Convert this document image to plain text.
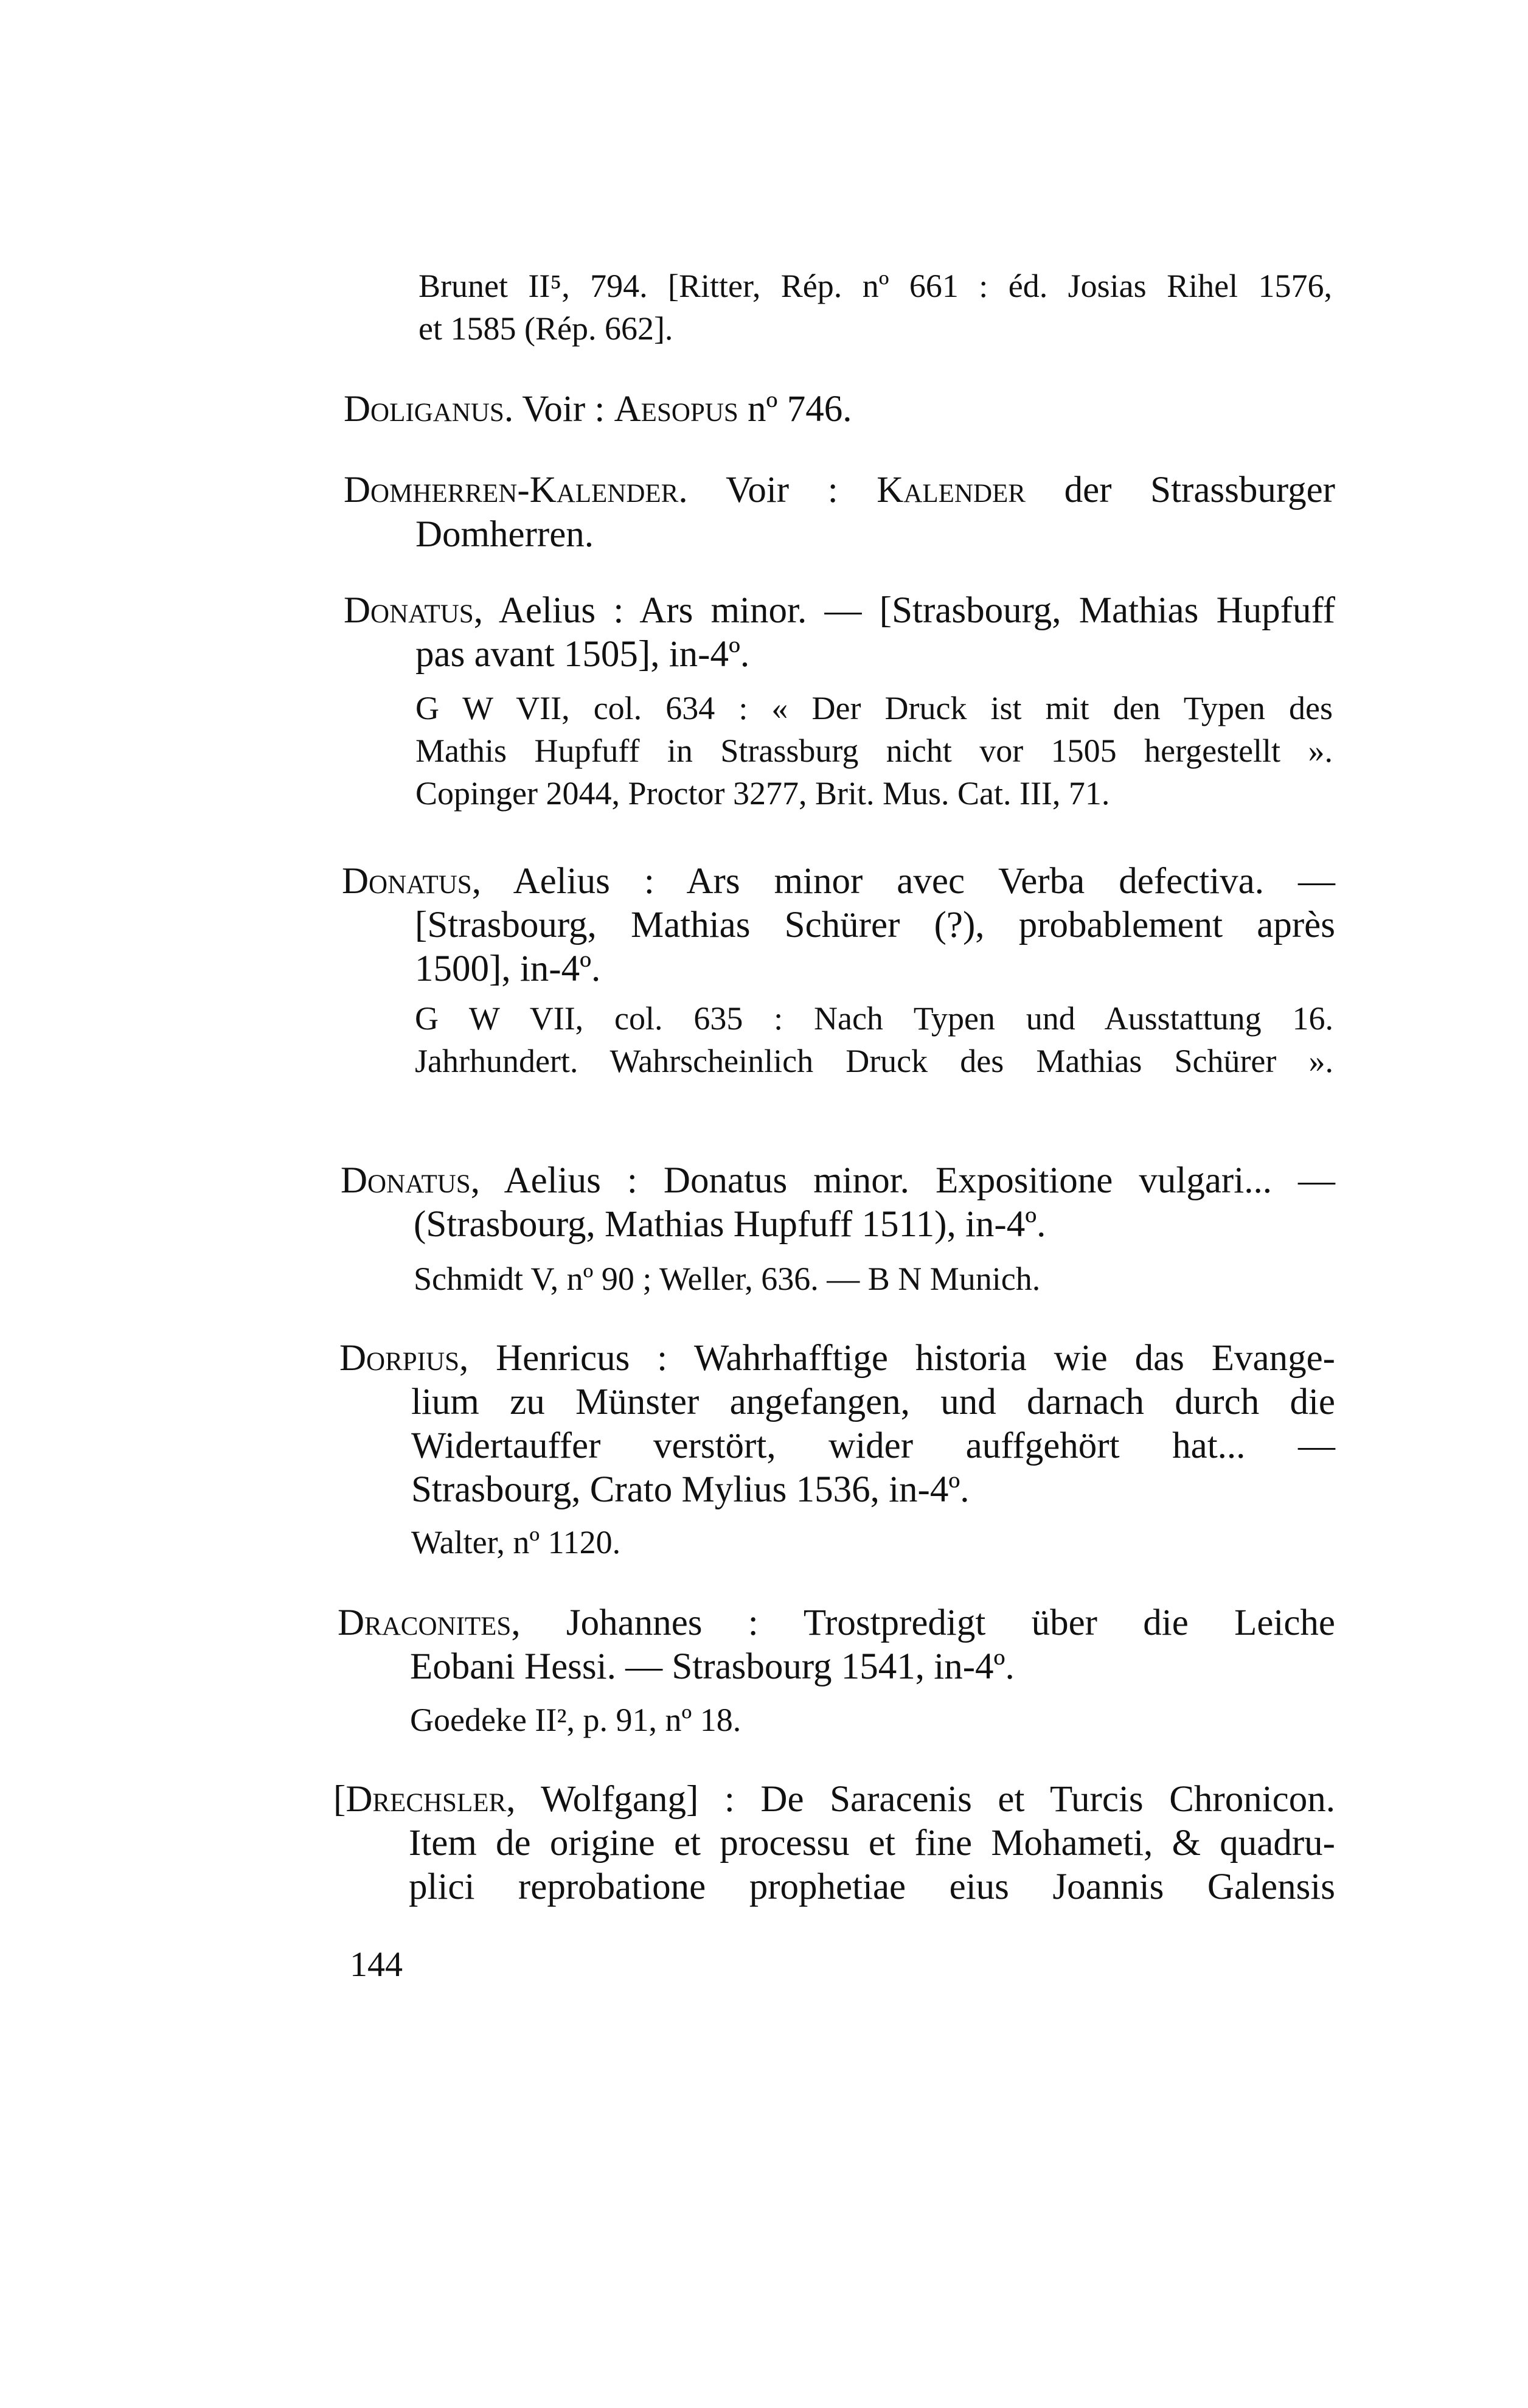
Brunet II⁵, 794. [Ritter, Rép. nº 661 : éd. Josias Rihel 1576,
et 1585 (Rép. 662].
Doliganus. Voir : Aesopus nº 746.
Domherren-Kalender. Voir : Kalender der Strassburger
Domherren.
Donatus, Aelius : Ars minor. — [Strasbourg, Mathias Hupfuff
pas avant 1505], in-4º.
G W VII, col. 634 : « Der Druck ist mit den Typen des
Mathis Hupfuff in Strassburg nicht vor 1505 hergestellt ».
Copinger 2044, Proctor 3277, Brit. Mus. Cat. III, 71.
Donatus, Aelius : Ars minor avec Verba defectiva. —
[Strasbourg, Mathias Schürer (?), probablement après
1500], in-4º.
G W VII, col. 635 : Nach Typen und Ausstattung 16.
Jahrhundert. Wahrscheinlich Druck des Mathias Schürer ».
Donatus, Aelius : Donatus minor. Expositione vulgari... —
(Strasbourg, Mathias Hupfuff 1511), in-4º.
Schmidt V, nº 90 ; Weller, 636. — B N Munich.
Dorpius, Henricus : Wahrhafftige historia wie das Evange-
lium zu Münster angefangen, und darnach durch die
Widertauffer verstört, wider auffgehört hat... —
Strasbourg, Crato Mylius 1536, in-4º.
Walter, nº 1120.
Draconites, Johannes : Trostpredigt über die Leiche
Eobani Hessi. — Strasbourg 1541, in-4º.
Goedeke II², p. 91, nº 18.
[Drechsler, Wolfgang] : De Saracenis et Turcis Chronicon.
Item de origine et processu et fine Mohameti, & quadru-
plici reprobatione prophetiae eius Joannis Galensis
144
